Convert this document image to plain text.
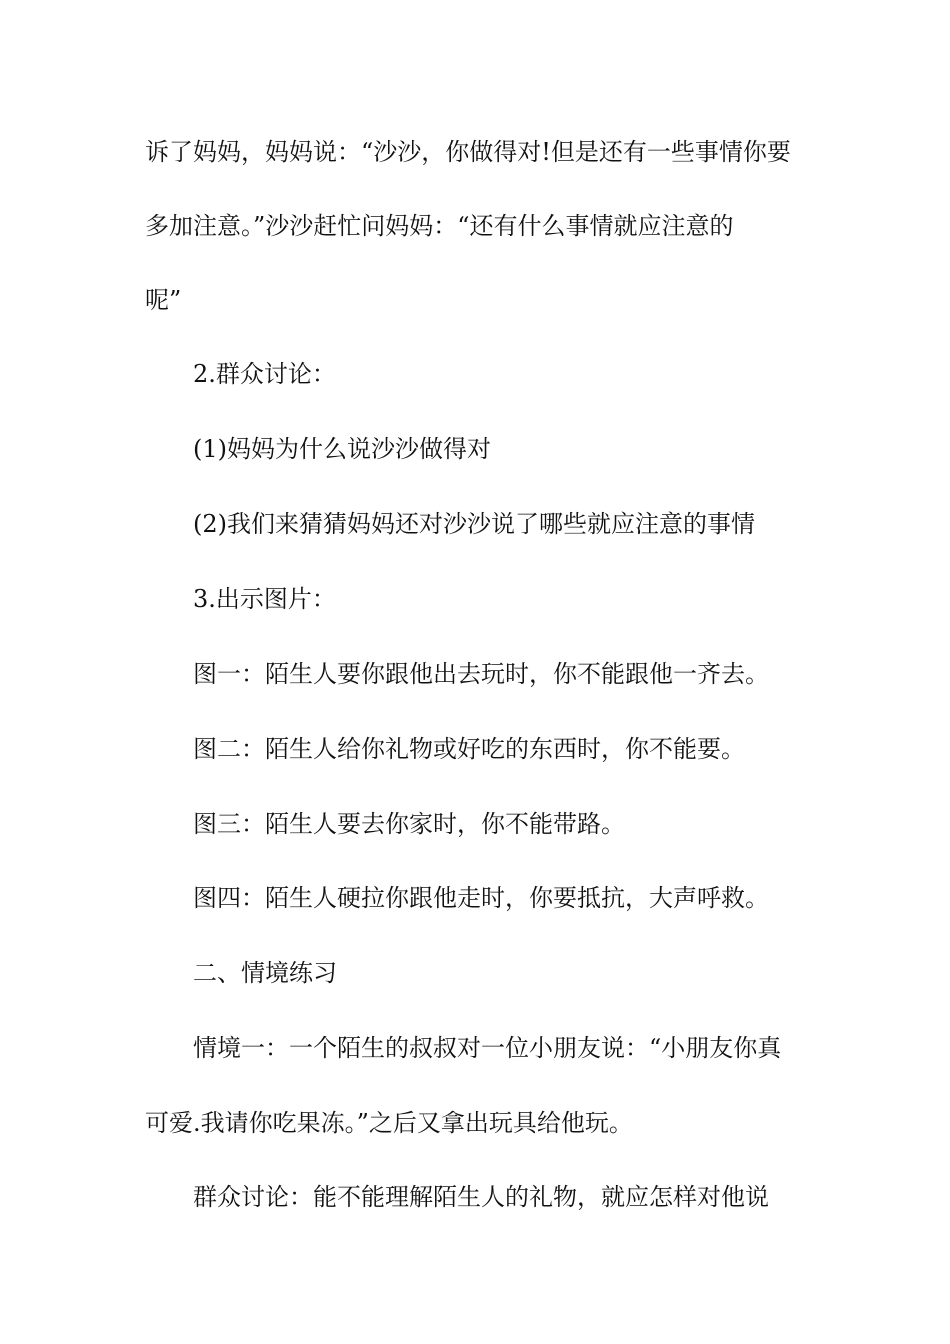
诉了妈妈，妈妈说：“沙沙，你做得对!但是还有一些事情你要

多加注意。”沙沙赶忙问妈妈：“还有什么事情就应注意的

呢”

2.群众讨论：

(1)妈妈为什么说沙沙做得对

(2)我们来猜猜妈妈还对沙沙说了哪些就应注意的事情

3.出示图片：

图一：陌生人要你跟他出去玩时，你不能跟他一齐去。

图二：陌生人给你礼物或好吃的东西时，你不能要。

图三：陌生人要去你家时，你不能带路。

图四：陌生人硬拉你跟他走时，你要抵抗，大声呼救。

二、情境练习

情境一：一个陌生的叔叔对一位小朋友说：“小朋友你真

可爱.我请你吃果冻。”之后又拿出玩具给他玩。

群众讨论：能不能理解陌生人的礼物，就应怎样对他说
